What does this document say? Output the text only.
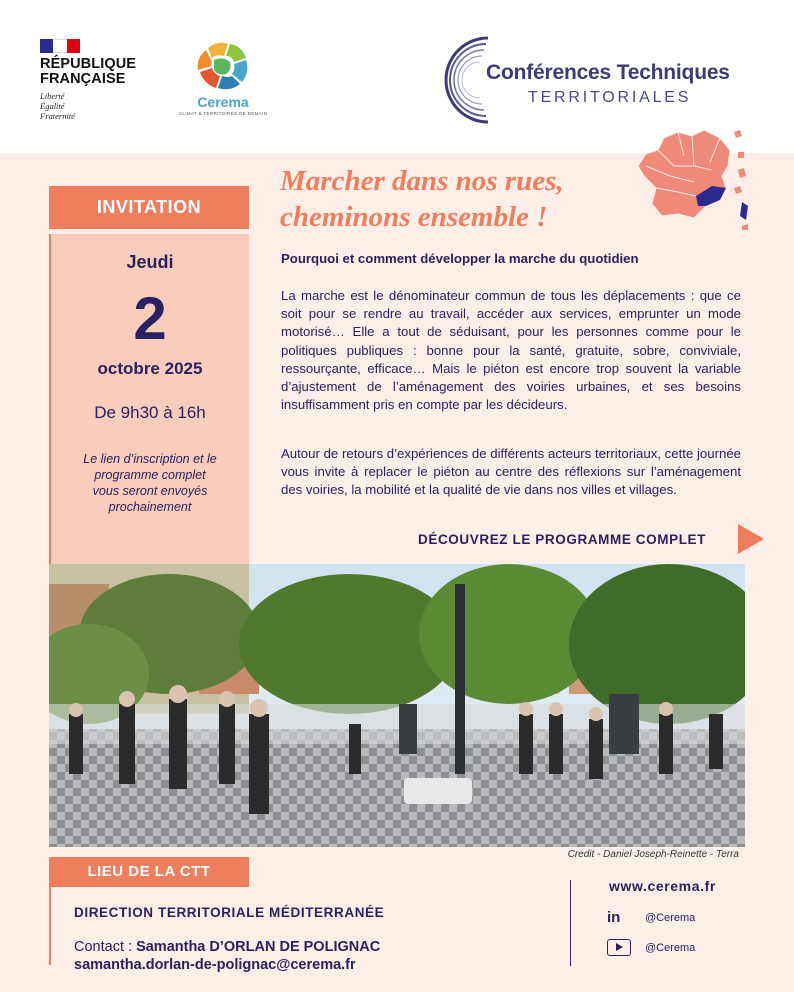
RÉPUBLIQUE
FRANÇAISE
Liberté
Égalité
Fraternité
Cerema
CLIMAT & TERRITOIRES DE DEMAIN
Conférences Techniques
TERRITORIALES
INVITATION
Jeudi
2
octobre 2025
De 9h30 à 16h
Le lien d’inscription et le
programme complet
vous seront envoyés
prochainement
Marcher dans nos rues,
cheminons ensemble !
Pourquoi et comment développer la marche du quotidien

La marche est le dénominateur commun de tous les déplacements : que ce soit pour se rendre au travail, accéder aux services, emprunter un mode motorisé… Elle a tout de séduisant, pour les personnes comme pour le politiques publiques : bonne pour la santé, gratuite, sobre, conviviale, ressourçante, efficace… Mais le piéton est encore trop souvent la variable d’ajustement de l’aménagement des voiries urbaines, et ses besoins insuffisamment pris en compte par les décideurs.

Autour de retours d’expériences de différents acteurs territoriaux, cette journée vous invite à replacer le piéton au centre des réflexions sur l’aménagement des voiries, la mobilité et la qualité de vie dans nos villes et villages.

DÉCOUVREZ LE PROGRAMME COMPLET
Credit - Daniel Joseph-Reinette - Terra
LIEU DE LA CTT
DIRECTION TERRITORIALE MÉDITERRANÉE
Contact : Samantha D’ORLAN DE POLIGNAC
samantha.dorlan-de-polignac@cerema.fr
www.cerema.fr
in	@Cerema
@Cerema
